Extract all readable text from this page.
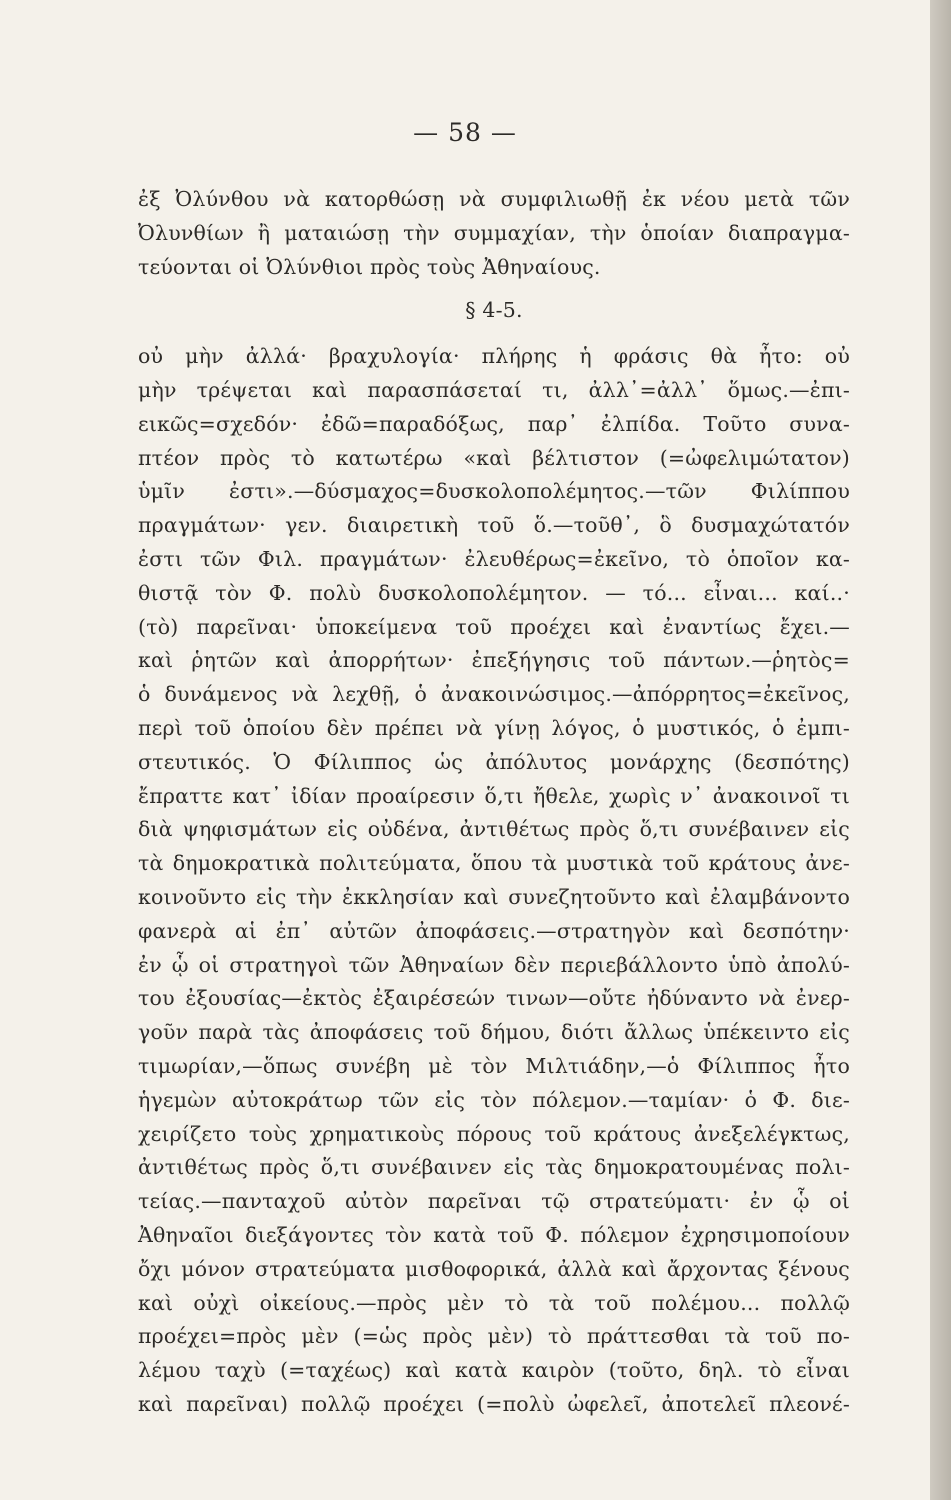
— 58 —
ἐξ Ὀλύνθου νὰ κατορθώσῃ νὰ συμφιλιωθῇ ἐκ νέου μετὰ τῶν
Ὀλυνθίων ἢ ματαιώσῃ τὴν συμμαχίαν, τὴν ὁποίαν διαπραγμα-
τεύονται οἱ Ὀλύνθιοι πρὸς τοὺς Ἀθηναίους.
§ 4-5.
οὐ μὴν ἀλλά· βραχυλογία· πλήρης ἡ φράσις θὰ ἦτο: οὐ
μὴν τρέψεται καὶ παρασπάσεταί τι, ἀλλ᾽=ἀλλ᾽ ὅμως.—ἐπι-
εικῶς=σχεδόν· ἐδῶ=παραδόξως, παρ᾽ ἐλπίδα. Τοῦτο συνα-
πτέον πρὸς τὸ κατωτέρω «καὶ βέλτιστον (=ὠφελιμώτατον)
ὑμῖν ἐστι».—δύσμαχος=δυσκολοπολέμητος.—τῶν Φιλίππου
πραγμάτων· γεν. διαιρετικὴ τοῦ ὅ.—τοῦθ᾽, ὃ δυσμαχώτατόν
ἐστι τῶν Φιλ. πραγμάτων· ἐλευθέρως=ἐκεῖνο, τὸ ὁποῖον κα-
θιστᾷ τὸν Φ. πολὺ δυσκολοπολέμητον. — τό... εἶναι... καί..·
(τὸ) παρεῖναι· ὑποκείμενα τοῦ προέχει καὶ ἐναντίως ἔχει.—
καὶ ῥητῶν καὶ ἀπορρήτων· ἐπεξήγησις τοῦ πάντων.—ῥητὸς=
ὁ δυνάμενος νὰ λεχθῇ, ὁ ἀνακοινώσιμος.—ἀπόρρητος=ἐκεῖνος,
περὶ τοῦ ὁποίου δὲν πρέπει νὰ γίνῃ λόγος, ὁ μυστικός, ὁ ἐμπι-
στευτικός. Ὁ Φίλιππος ὡς ἀπόλυτος μονάρχης (δεσπότης)
ἔπραττε κατ᾽ ἰδίαν προαίρεσιν ὅ,τι ἤθελε, χωρὶς ν᾽ ἀνακοινοῖ τι
διὰ ψηφισμάτων εἰς οὐδένα, ἀντιθέτως πρὸς ὅ,τι συνέβαινεν εἰς
τὰ δημοκρατικὰ πολιτεύματα, ὅπου τὰ μυστικὰ τοῦ κράτους ἀνε-
κοινοῦντο εἰς τὴν ἐκκλησίαν καὶ συνεζητοῦντο καὶ ἐλαμβάνοντο
φανερὰ αἱ ἐπ᾽ αὐτῶν ἀποφάσεις.—στρατηγὸν καὶ δεσπότην·
ἐν ᾧ οἱ στρατηγοὶ τῶν Ἀθηναίων δὲν περιεβάλλοντο ὑπὸ ἀπολύ-
του ἐξουσίας—ἐκτὸς ἐξαιρέσεών τινων—οὔτε ἠδύναντο νὰ ἐνερ-
γοῦν παρὰ τὰς ἀποφάσεις τοῦ δήμου, διότι ἄλλως ὑπέκειντο εἰς
τιμωρίαν,—ὅπως συνέβη μὲ τὸν Μιλτιάδην,—ὁ Φίλιππος ἦτο
ἡγεμὼν αὐτοκράτωρ τῶν εἰς τὸν πόλεμον.—ταμίαν· ὁ Φ. διε-
χειρίζετο τοὺς χρηματικοὺς πόρους τοῦ κράτους ἀνεξελέγκτως,
ἀντιθέτως πρὸς ὅ,τι συνέβαινεν εἰς τὰς δημοκρατουμένας πολι-
τείας.—πανταχοῦ αὐτὸν παρεῖναι τῷ στρατεύματι· ἐν ᾧ οἱ
Ἀθηναῖοι διεξάγοντες τὸν κατὰ τοῦ Φ. πόλεμον ἐχρησιμοποίουν
ὄχι μόνον στρατεύματα μισθοφορικά, ἀλλὰ καὶ ἄρχοντας ξένους
καὶ οὐχὶ οἰκείους.—πρὸς μὲν τὸ τὰ τοῦ πολέμου... πολλῷ
προέχει=πρὸς μὲν (=ὡς πρὸς μὲν) τὸ πράττεσθαι τὰ τοῦ πο-
λέμου ταχὺ (=ταχέως) καὶ κατὰ καιρὸν (τοῦτο, δηλ. τὸ εἶναι
καὶ παρεῖναι) πολλῷ προέχει (=πολὺ ὠφελεῖ, ἀποτελεῖ πλεονέ-
